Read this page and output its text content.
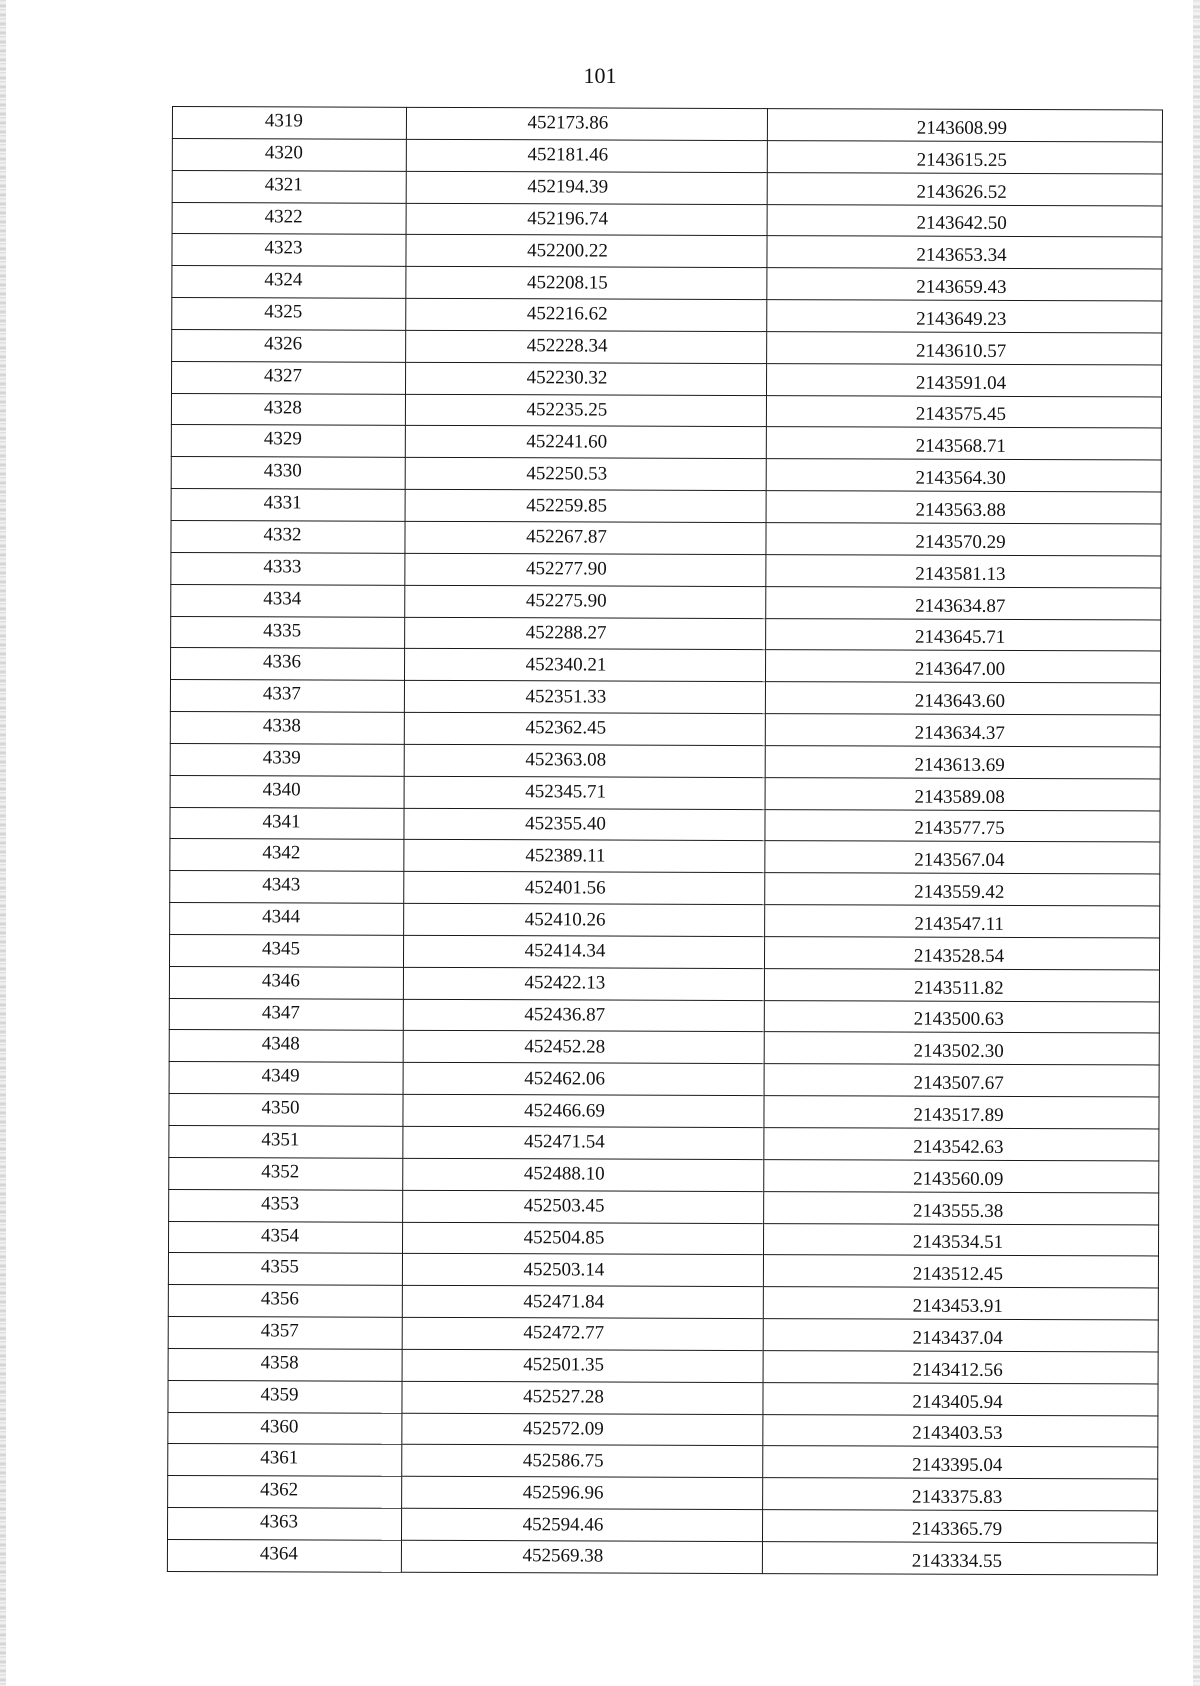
101
4319	452173.86	2143608.99
4320	452181.46	2143615.25
4321	452194.39	2143626.52
4322	452196.74	2143642.50
4323	452200.22	2143653.34
4324	452208.15	2143659.43
4325	452216.62	2143649.23
4326	452228.34	2143610.57
4327	452230.32	2143591.04
4328	452235.25	2143575.45
4329	452241.60	2143568.71
4330	452250.53	2143564.30
4331	452259.85	2143563.88
4332	452267.87	2143570.29
4333	452277.90	2143581.13
4334	452275.90	2143634.87
4335	452288.27	2143645.71
4336	452340.21	2143647.00
4337	452351.33	2143643.60
4338	452362.45	2143634.37
4339	452363.08	2143613.69
4340	452345.71	2143589.08
4341	452355.40	2143577.75
4342	452389.11	2143567.04
4343	452401.56	2143559.42
4344	452410.26	2143547.11
4345	452414.34	2143528.54
4346	452422.13	2143511.82
4347	452436.87	2143500.63
4348	452452.28	2143502.30
4349	452462.06	2143507.67
4350	452466.69	2143517.89
4351	452471.54	2143542.63
4352	452488.10	2143560.09
4353	452503.45	2143555.38
4354	452504.85	2143534.51
4355	452503.14	2143512.45
4356	452471.84	2143453.91
4357	452472.77	2143437.04
4358	452501.35	2143412.56
4359	452527.28	2143405.94
4360	452572.09	2143403.53
4361	452586.75	2143395.04
4362	452596.96	2143375.83
4363	452594.46	2143365.79
4364	452569.38	2143334.55
